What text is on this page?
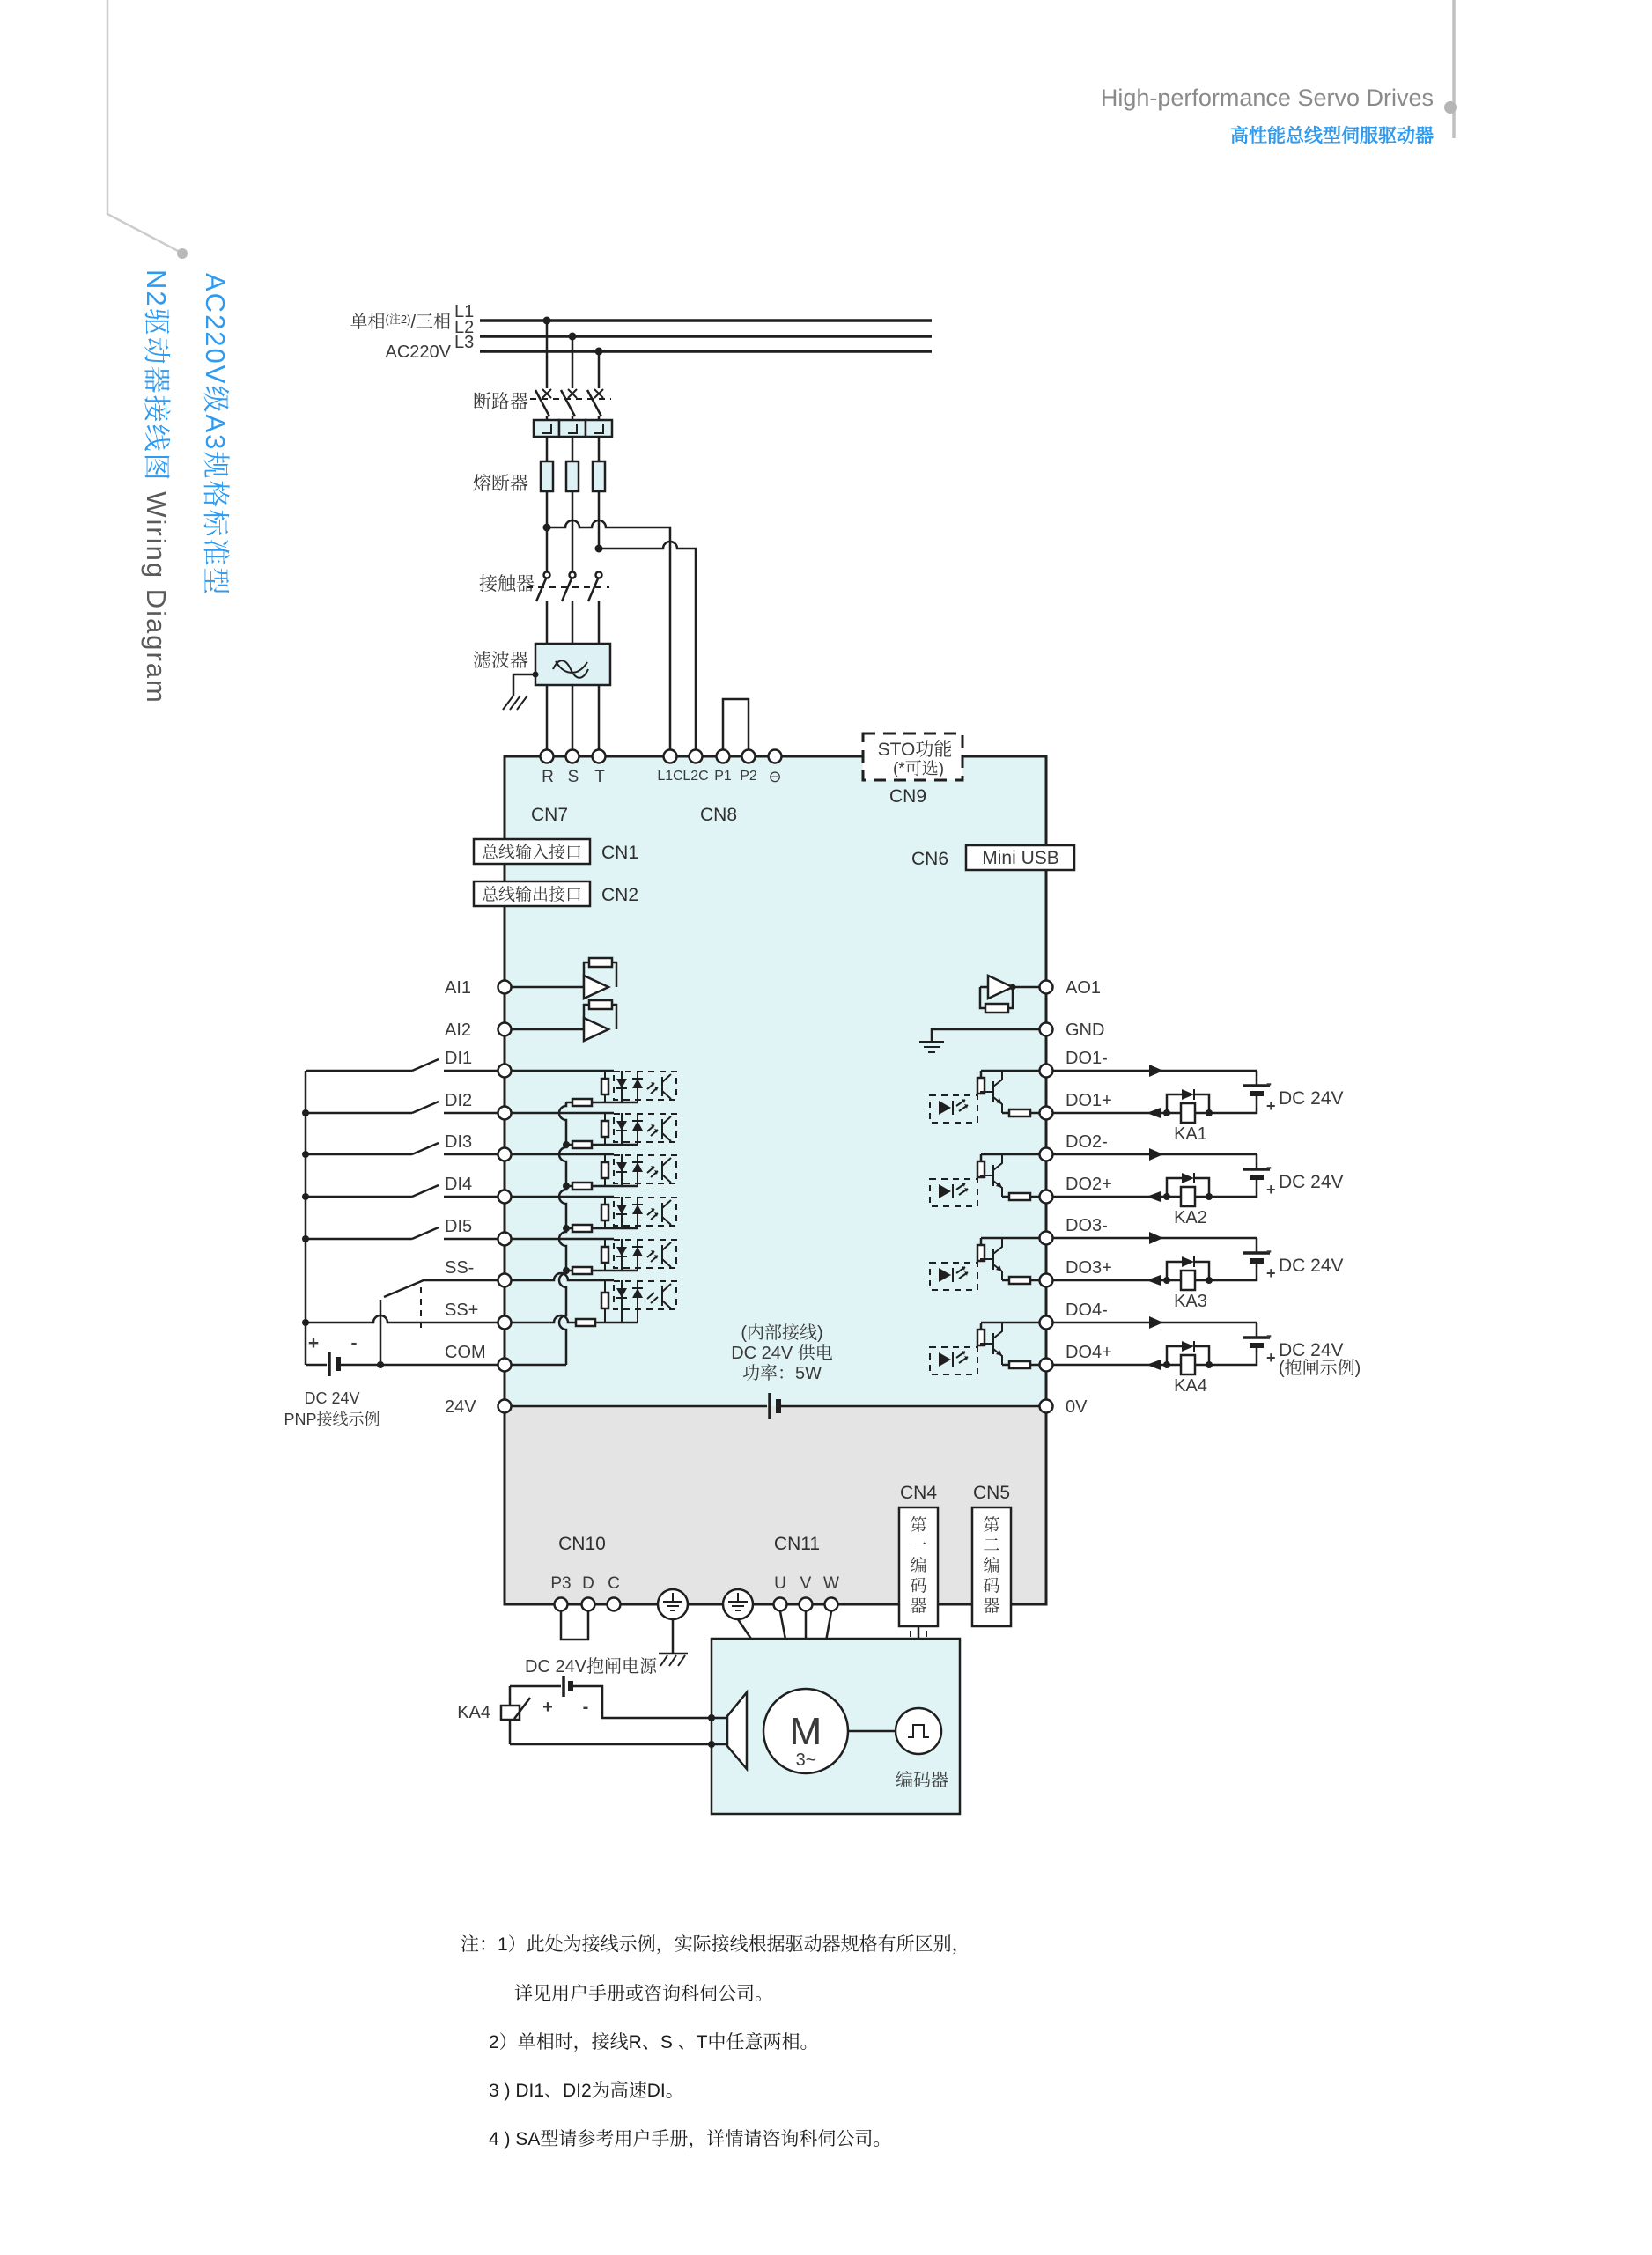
High-performance Servo Drives
高性能总线型伺服驱动器
AC220V级A3规格标准型
N2驱动器接线图 Wiring Diagram
-
+ DC 24V
单相$^{(注2)}$/三相
AC220V
L1
L2
L3
断路器
熔断器
接触器
滤波器
(内部接线)
DC 24V 供电
功率：5W
R S T	L1C L2C P1 P2 ⊖
CN7	CN8
STO功能
(*可选)
CN9
总线输入接口 CN1
总线输出接口 CN2
CN6 Mini USB
AI1
AI2
DI1
DI2
DI3
DI4
DI5
SS-
SS+
COM
24V
AO1
GND
DO1-
DO1+
DO2-
DO2+
DO3-
DO3+
DO4-
DO4+
0V
+ -
DC 24V
PNP接线示例
KA1
KA2
KA3
KA4
(抱闸示例)
CN10
P3 D C
CN11
U V W
CN4 CN5
第
一
编
码
器
第
二
编
码
器
M
3~
编码器
KA4	+ -
DC 24V抱闸电源
注：1）此处为接线示例，实际接线根据驱动器规格有所区别，
详见用户手册或咨询科伺公司。
2）单相时，接线R、S 、T中任意两相。
3 ) DI1、DI2为高速DI。
4 ) SA型请参考用户手册，详情请咨询科伺公司。
